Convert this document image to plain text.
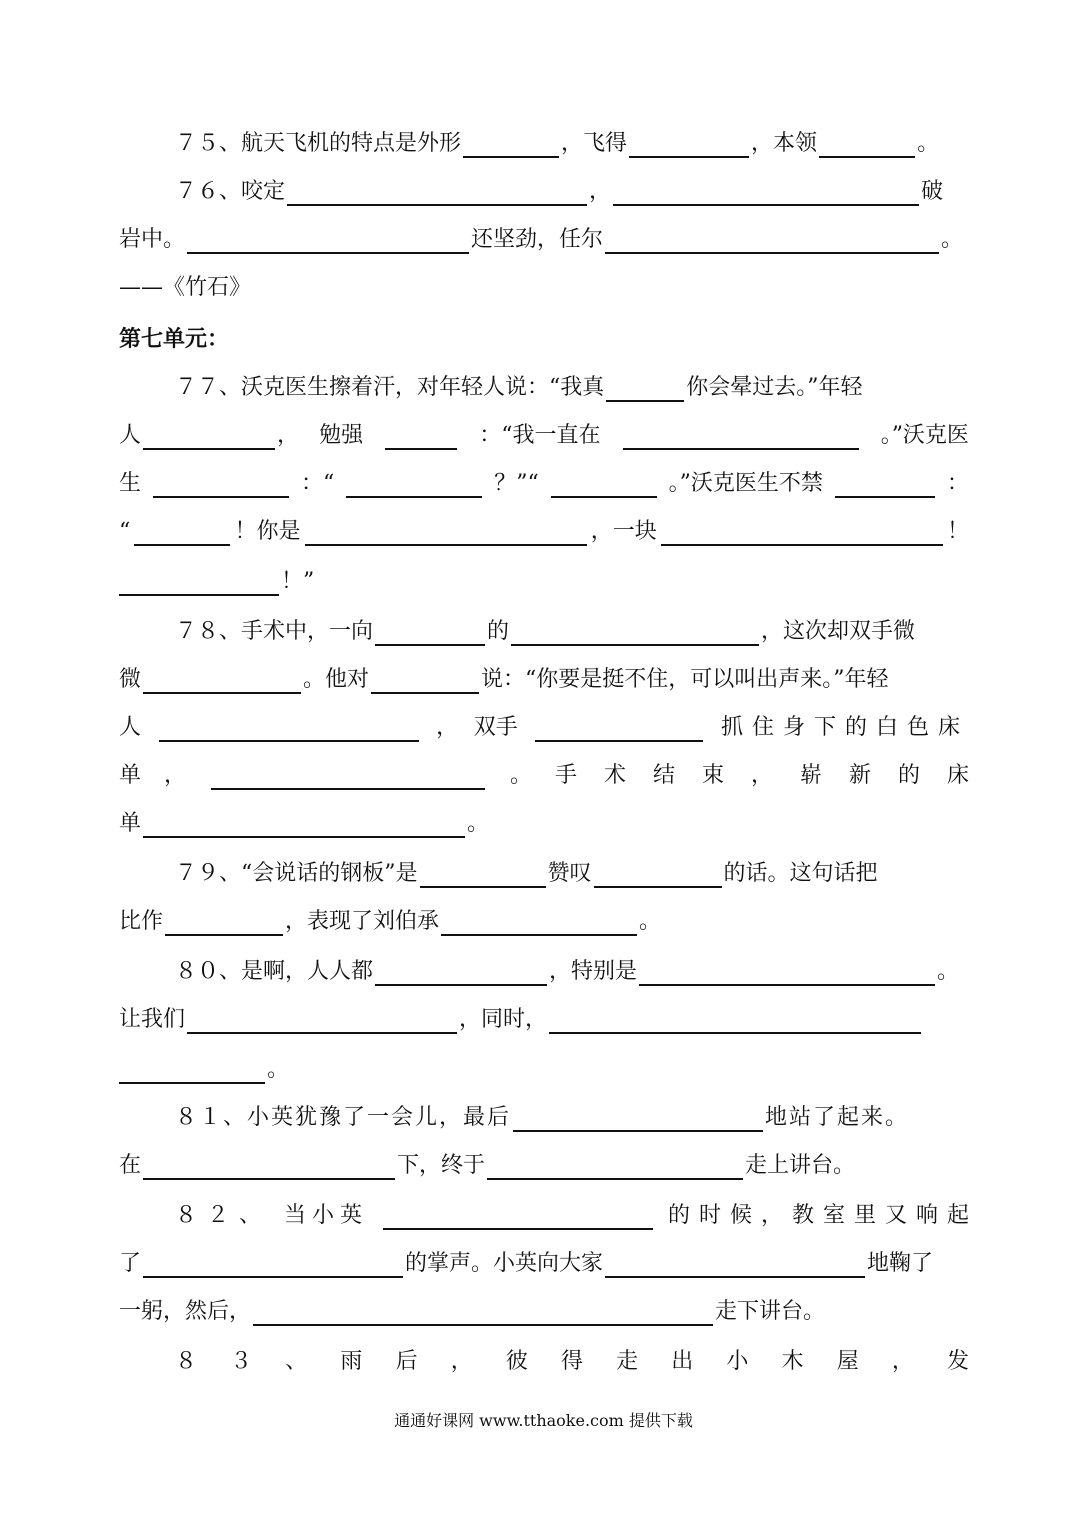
７５、 航天飞机的特点是外形	，飞得	，本领	。
７６、 咬定	，	破
岩中。	还坚劲，任尔	。
——《竹石》
第七单元：
７７、 沃克医生擦着汗，对年轻人说：“我真	你会晕过去。”年轻
人	， 勉强	：“我一直在	。”沃克医
生	：“	？”“	。”沃克医生不禁	：
“	！你是	，一块	！
！”
７８、 手术中，一向	的	，这次却双手微
微	。他对	说：“你要是挺不住，可以叫出声来。”年轻
人	， 双手	抓住身下的白色床
单 ，	。 手术结束，崭新的床
单	。
７９、 “会说话的钢板”是	赞叹	的话。这句话把
比作	，表现了刘伯承	。
８０、 是啊，人人都	，特别是	。
让我们	，同时，
。
８１、 小英犹豫了一会儿，最后	地站了起来。
在	下，终于	走上讲台。
８２、 当小英	的时候，教室里又响起
了	的掌声。小英向大家	地鞠了
一躬，然后，	走下讲台。
８ ３ 、 雨 后 ， 彼 得 走 出 小 木 屋 ， 发
通通好课网 www.tthaoke.com 提供下载
